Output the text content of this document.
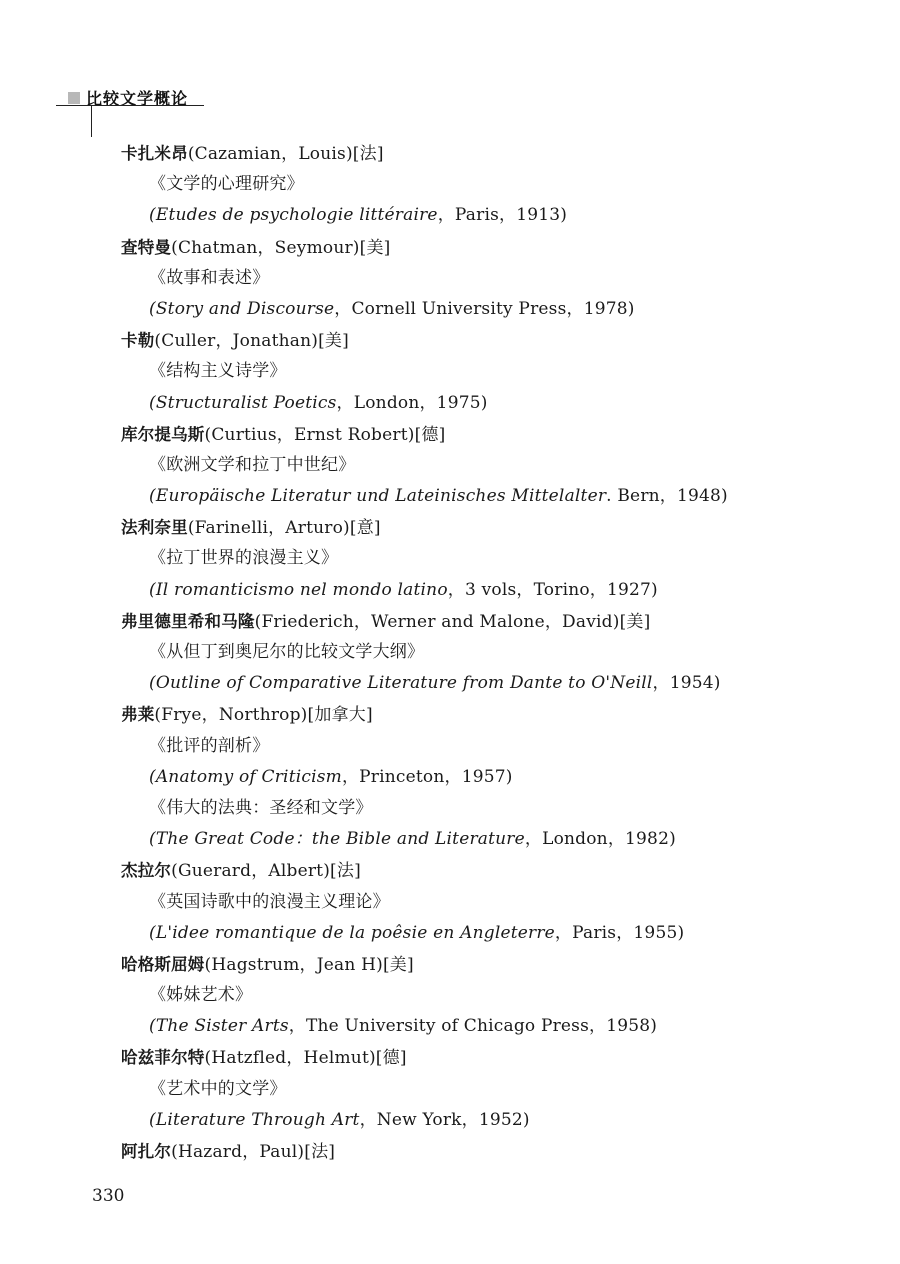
比较文学概论
卡扎米昂(Cazamian，Louis)[法]
《文学的心理研究》
(Etudes de psychologie littéraire，Paris，1913)
查特曼(Chatman，Seymour)[美]
《故事和表述》
(Story and Discourse，Cornell University Press，1978)
卡勒(Culler，Jonathan)[美]
《结构主义诗学》
(Structuralist Poetics，London，1975)
库尔提乌斯(Curtius，Ernst Robert)[德]
《欧洲文学和拉丁中世纪》
(Europäische Literatur und Lateinisches Mittelalter. Bern，1948)
法利奈里(Farinelli，Arturo)[意]
《拉丁世界的浪漫主义》
(Il romanticismo nel mondo latino，3 vols，Torino，1927)
弗里德里希和马隆(Friederich，Werner and Malone，David)[美]
《从但丁到奥尼尔的比较文学大纲》
(Outline of Comparative Literature from Dante to O'Neill，1954)
弗莱(Frye，Northrop)[加拿大]
《批评的剖析》
(Anatomy of Criticism，Princeton，1957)
《伟大的法典：圣经和文学》
(The Great Code：the Bible and Literature，London，1982)
杰拉尔(Guerard，Albert)[法]
《英国诗歌中的浪漫主义理论》
(L'idee romantique de la poêsie en Angleterre，Paris，1955)
哈格斯屈姆(Hagstrum，Jean H)[美]
《姊妹艺术》
(The Sister Arts，The University of Chicago Press，1958)
哈兹菲尔特(Hatzfled，Helmut)[德]
《艺术中的文学》
(Literature Through Art，New York，1952)
阿扎尔(Hazard，Paul)[法]
330
